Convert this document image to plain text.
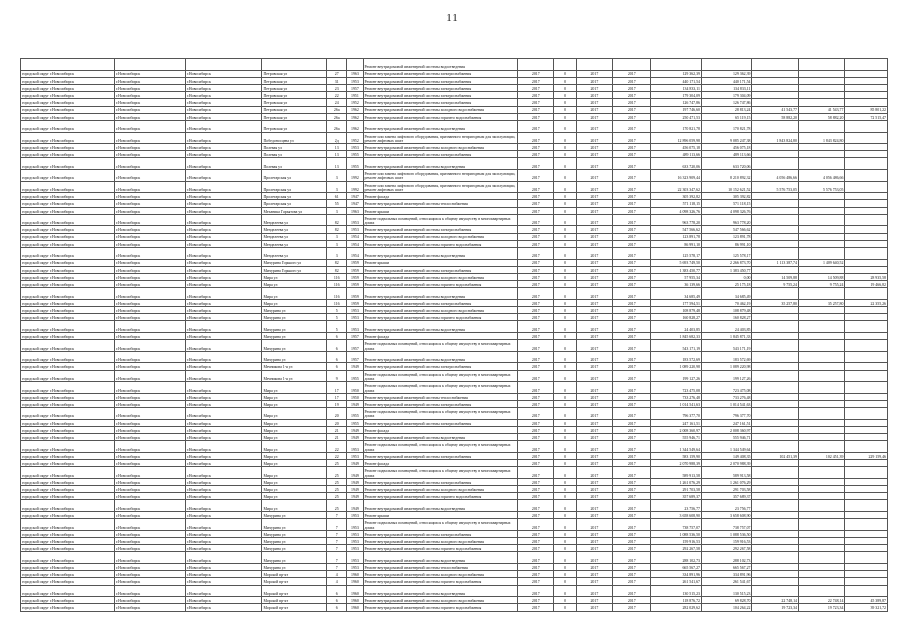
11
						Ремонт внутридомовой инженерной системы водоотведения									
городской округ г.Новосибирск	г.Новосибирск	г.Новосибирск	Петровская ул	27	1963	Ремонт внутридомовой инженерной системы электроснабжения	2017	0	2017	2017	129 362,39	129 362,39			
городской округ г.Новосибирск	г.Новосибирск	г.Новосибирск	Петровская ул	31	1953	Ремонт внутридомовой инженерной системы электроснабжения	2017	0	2017	2017	440 171,54	440 171,54			
городской округ г.Новосибирск	г.Новосибирск	г.Новосибирск	Петровская ул	23	1957	Ремонт внутридомовой инженерной системы электроснабжения	2017	0	2017	2017	134 833,11	134 833,11			
городской округ г.Новосибирск	г.Новосибирск	г.Новосибирск	Петровская ул	22	1951	Ремонт внутридомовой инженерной системы электроснабжения	2017	0	2017	2017	179 304,09	179 304,09			
городской округ г.Новосибирск	г.Новосибирск	г.Новосибирск	Петровская ул	24	1952	Ремонт внутридомовой инженерной системы электроснабжения	2017	0	2017	2017	126 747,86	126 747,86			
городской округ г.Новосибирск	г.Новосибирск	г.Новосибирск	Петровская ул	26а	1962	Ремонт внутридомовой инженерной системы холодного водоснабжения	2017	0	2017	2017	197 746,60	28 813,24	41 543,77	41 543,77	85 801,22
городской округ г.Новосибирск	г.Новосибирск	г.Новосибирск	Петровская ул	26а	1962	Ремонт внутридомовой инженерной системы горячего водоснабжения	2017	0	2017	2017	250 471,53	65 119,15	58 882,20	58 882,20	72 515,47
городской округ г.Новосибирск	г.Новосибирск	г.Новосибирск	Петровская ул	26а	1962	Ремонт внутридомовой инженерной системы водоотведения	2017	0	2017	2017	170 821,78	170 821,78			
городской округ г.Новосибирск	г.Новосибирск	г.Новосибирск	Победоносцева ул	2д	1952	Ремонт или замена лифтового оборудования, признанного непригодным для эксплуатации, ремонт лифтовых шахт	2017	0	2017	2017	12 896 059,98	9 085 247,38	1 843 824,80	1 843 824,80	
городской округ г.Новосибирск	г.Новосибирск	г.Новосибирск	Полевая ул	13	1953	Ремонт внутридомовой инженерной системы холодного водоснабжения	2017	0	2017	2017	456 075,18	456 075,18			
городской округ г.Новосибирск	г.Новосибирск	г.Новосибирск	Полевая ул	13	1955	Ремонт внутридомовой инженерной системы электроснабжения	2017	0	2017	2017	489 113,66	489 113,66			
городской округ г.Новосибирск	г.Новосибирск	г.Новосибирск	Полевая ул	13	1955	Ремонт внутридомовой инженерной системы водоотведения	2017	0	2017	2017	633 720,06	633 720,06			
городской округ г.Новосибирск	г.Новосибирск	г.Новосибирск	Пролетарская ул	3	1992	Ремонт или замена лифтового оборудования, признанного непригодным для эксплуатации, ремонт лифтовых шахт	2017	0	2017	2017	16 323 909,44	8 210 892,32	4 056 486,66	4 056 486,66	
городской округ г.Новосибирск	г.Новосибирск	г.Новосибирск	Пролетарская ул	3	1992	Ремонт или замена лифтового оборудования, признанного непригодным для эксплуатации, ремонт лифтовых шахт	2017	0	2017	2017	22 303 347,62	10 152 621,52	5 576 753,05	5 576 753,05	
городской округ г.Новосибирск	г.Новосибирск	г.Новосибирск	Пролетарская ул	61	1947	Ремонт фасада	2017	0	2017	2017	305 392,82	305 392,82			
городской округ г.Новосибирск	г.Новосибирск	г.Новосибирск	Пролетарская ул	55	1947	Ремонт внутридомовой инженерной системы теплоснабжения	2017	0	2017	2017	571 118,15	571 118,15			
городской округ г.Новосибирск	г.Новосибирск	г.Новосибирск	Механика Гарьятова ул	3	1963	Ремонт крыши	2017	0	2017	2017	4 098 326,76	4 098 326,76			
городской округ г.Новосибирск	г.Новосибирск	г.Новосибирск	Менделеева ул	82	1953	Ремонт подвальных помещений, относящихся к общему имуществу в многоквартирных домах	2017	0	2017	2017	963 778,20	963 778,20			
городской округ г.Новосибирск	г.Новосибирск	г.Новосибирск	Менделеева ул	82	1953	Ремонт внутридомовой инженерной системы электроснабжения	2017	0	2017	2017	547 566,62	547 566,62			
городской округ г.Новосибирск	г.Новосибирск	г.Новосибирск	Менделеева ул	3	1954	Ремонт внутридомовой инженерной системы холодного водоснабжения	2017	0	2017	2017	123 891,78	123 891,78			
городской округ г.Новосибирск	г.Новосибирск	г.Новосибирск	Менделеева ул	3	1954	Ремонт внутридомовой инженерной системы горячего водоснабжения	2017	0	2017	2017	86 991,10	86 991,10			
городской округ г.Новосибирск	г.Новосибирск	г.Новосибирск	Менделеева ул	3	1954	Ремонт внутридомовой инженерной системы водоотведения	2017	0	2017	2017	125 578,17	125 578,17			
городской округ г.Новосибирск	г.Новосибирск	г.Новосибирск	Мичурина Горького ул	82	1959	Ремонт крыши	2017	0	2017	2017	5 693 749,50	2 266 873,70	1 113 387,74	1 409 640,52	
городской округ г.Новосибирск	г.Новосибирск	г.Новосибирск	Мичурина Горького ул	82	1959	Ремонт внутридомовой инженерной системы электроснабжения	2017	0	2017	2017	1 383 450,77	1 383 450,77			
городской округ г.Новосибирск	г.Новосибирск	г.Новосибирск	Мира ул	116	1959	Ремонт внутридомовой инженерной системы холодного водоснабжения	2017	0	2017	2017	57 955,34	0,00	14 509,88	14 509,88	28 935,58
городской округ г.Новосибирск	г.Новосибирск	г.Новосибирск	Мира ул	116	1959	Ремонт внутридомовой инженерной системы горячего водоснабжения	2017	0	2017	2017	36 139,66	25 175,18	9 755,24	9 755,24	19 466,82
городской округ г.Новосибирск	г.Новосибирск	г.Новосибирск	Мира ул	116	1959	Ремонт внутридомовой инженерной системы водоотведения	2017	0	2017	2017	34 685,49	34 685,49			
городской округ г.Новосибирск	г.Новосибирск	г.Новосибирск	Мира ул	116	1959	Ремонт внутридомовой инженерной системы электроснабжения	2017	0	2017	2017	177 594,51	70 462,19	35 257,80	35 257,80	22 355,26
городской округ г.Новосибирск	г.Новосибирск	г.Новосибирск	Мичурина ул	5	1953	Ремонт внутридомовой инженерной системы холодного водоснабжения	2017	0	2017	2017	108 879,48	108 879,48			
городской округ г.Новосибирск	г.Новосибирск	г.Новосибирск	Мичурина ул	5	1953	Ремонт внутридомовой инженерной системы горячего водоснабжения	2017	0	2017	2017	160 828,27	160 828,27			
городской округ г.Новосибирск	г.Новосибирск	г.Новосибирск	Мичурина ул	5	1953	Ремонт внутридомовой инженерной системы водоотведения	2017	0	2017	2017	24 403,85	24 403,85			
городской округ г.Новосибирск	г.Новосибирск	г.Новосибирск	Мичурина ул	6	1957	Ремонт фасада	2017	0	2017	2017	1 845 682,33	1 845 871,33			
городской округ г.Новосибирск	г.Новосибирск	г.Новосибирск	Мичурина ул	6	1957	Ремонт подвальных помещений, относящихся к общему имуществу в многоквартирных домах	2017	0	2017	2017	543 171,19	543 171,19			
городской округ г.Новосибирск	г.Новосибирск	г.Новосибирск	Мичурина ул	6	1957	Ремонт внутридомовой инженерной системы водоотведения	2017	0	2017	2017	183 572,69	183 572,69			
городской округ г.Новосибирск	г.Новосибирск	г.Новосибирск	Мечникова 1-я ул	6	1949	Ремонт внутридомовой инженерной системы электроснабжения	2017	0	2017	2017	1 089 220,98	1 089 220,98			
городской округ г.Новосибирск	г.Новосибирск	г.Новосибирск	Мечникова 1-я ул	9	1955	Ремонт подвальных помещений, относящихся к общему имуществу в многоквартирных домах	2017	0	2017	2017	199 127,26	199 127,26			
городской округ г.Новосибирск	г.Новосибирск	г.Новосибирск	Мира ул	17	1950	Ремонт подвальных помещений, относящихся к общему имуществу в многоквартирных домах	2017	0	2017	2017	723 475,08	723 475,08			
городской округ г.Новосибирск	г.Новосибирск	г.Новосибирск	Мира ул	17	1950	Ремонт внутридомовой инженерной системы теплоснабжения	2017	0	2017	2017	733 276,48	733 276,48			
городской округ г.Новосибирск	г.Новосибирск	г.Новосибирск	Мира ул	19	1949	Ремонт внутридомовой инженерной системы электроснабжения	2017	0	2017	2017	1 014 541,63	1 014 541,63			
городской округ г.Новосибирск	г.Новосибирск	г.Новосибирск	Мира ул	20	1955	Ремонт подвальных помещений, относящихся к общему имуществу в многоквартирных домах	2017	0	2017	2017	796 377,70	796 377,70			
городской округ г.Новосибирск	г.Новосибирск	г.Новосибирск	Мира ул	20	1955	Ремонт внутридомовой инженерной системы электроснабжения	2017	0	2017	2017	247 161,51	247 161,51			
городской округ г.Новосибирск	г.Новосибирск	г.Новосибирск	Мира ул	21	1949	Ремонт фасада	2017	0	2017	2017	2 008 360,97	2 008 360,97			
городской округ г.Новосибирск	г.Новосибирск	г.Новосибирск	Мира ул	21	1949	Ремонт внутридомовой инженерной системы водоотведения	2017	0	2017	2017	555 946,71	555 946,71			
городской округ г.Новосибирск	г.Новосибирск	г.Новосибирск	Мира ул	22	1953	Ремонт подвальных помещений, относящихся к общему имуществу в многоквартирных домах	2017	0	2017	2017	1 344 549,64	1 344 549,64			
городской округ г.Новосибирск	г.Новосибирск	г.Новосибирск	Мира ул	22	1953	Ремонт внутридомовой инженерной системы электроснабжения	2017	0	2017	2017	583 159,90	149 408,35	102 451,39	102 451,39	229 159,46
городской округ г.Новосибирск	г.Новосибирск	г.Новосибирск	Мира ул	25	1949	Ремонт фасада	2017	0	2017	2017	2 070 988,39	2 070 988,39			
городской округ г.Новосибирск	г.Новосибирск	г.Новосибирск	Мира ул	25	1949	Ремонт подвальных помещений, относящихся к общему имуществу в многоквартирных домах	2017	0	2017	2017	589 913,58	589 913,58			
городской округ г.Новосибирск	г.Новосибирск	г.Новосибирск	Мира ул	25	1949	Ремонт внутридомовой инженерной системы электроснабжения	2017	0	2017	2017	1 261 076,29	1 261 076,29			
городской округ г.Новосибирск	г.Новосибирск	г.Новосибирск	Мира ул	25	1949	Ремонт внутридомовой инженерной системы холодного водоснабжения	2017	0	2017	2017	291 703,58	291 703,58			
городской округ г.Новосибирск	г.Новосибирск	г.Новосибирск	Мира ул	25	1949	Ремонт внутридомовой инженерной системы горячего водоснабжения	2017	0	2017	2017	357 689,37	357 689,37			
городской округ г.Новосибирск	г.Новосибирск	г.Новосибирск	Мира ул	25	1949	Ремонт внутридомовой инженерной системы водоотведения	2017	0	2017	2017	23 756,77	23 756,77			
городской округ г.Новосибирск	г.Новосибирск	г.Новосибирск	Мичурина ул	7	1953	Ремонт крыши	2017	0	2017	2017	3 658 608,90	3 658 608,90			
городской округ г.Новосибирск	г.Новосибирск	г.Новосибирск	Мичурина ул	7	1953	Ремонт подвальных помещений, относящихся к общему имуществу в многоквартирных домах	2017	0	2017	2017	738 757,07	738 757,07			
городской округ г.Новосибирск	г.Новосибирск	г.Новосибирск	Мичурина ул	7	1953	Ремонт внутридомовой инженерной системы электроснабжения	2017	0	2017	2017	1 088 536,50	1 088 536,50			
городской округ г.Новосибирск	г.Новосибирск	г.Новосибирск	Мичурина ул	7	1953	Ремонт внутридомовой инженерной системы холодного водоснабжения	2017	0	2017	2017	159 916,53	159 916,53			
городской округ г.Новосибирск	г.Новосибирск	г.Новосибирск	Мичурина ул	7	1953	Ремонт внутридомовой инженерной системы горячего водоснабжения	2017	0	2017	2017	292 267,58	292 267,58			
городской округ г.Новосибирск	г.Новосибирск	г.Новосибирск	Мичурина ул	7	1953	Ремонт внутридомовой инженерной системы водоотведения	2017	0	2017	2017	288 102,73	288 102,73			
городской округ г.Новосибирск	г.Новосибирск	г.Новосибирск	Мичурина ул	7	1953	Ремонт внутридомовой инженерной системы теплоснабжения	2017	0	2017	2017	665 567,27	665 567,27			
городской округ г.Новосибирск	г.Новосибирск	г.Новосибирск	Морской пр-кт	4	1960	Ремонт внутридомовой инженерной системы холодного водоснабжения	2017	0	2017	2017	334 891,96	334 891,96			
городской округ г.Новосибирск	г.Новосибирск	г.Новосибирск	Морской пр-кт	4	1960	Ремонт внутридомовой инженерной системы горячего водоснабжения	2017	0	2017	2017	261 541,67	261 541,67			
городской округ г.Новосибирск	г.Новосибирск	г.Новосибирск	Морской пр-кт	6	1960	Ремонт внутридомовой инженерной системы водоотведения	2017	0	2017	2017	130 515,23	130 515,23			
городской округ г.Новосибирск	г.Новосибирск	г.Новосибирск	Морской пр-кт	6	1960	Ремонт внутридомовой инженерной системы холодного водоснабжения	2017	0	2017	2017	118 876,72	69 828,70	22 748,14	22 748,14	45 389,87
городской округ г.Новосибирск	г.Новосибирск	г.Новосибирск	Морской пр-кт	6	1960	Ремонт внутридомовой инженерной системы горячего водоснабжения	2017	0	2017	2017	282 029,62	104 264,22	19 723,34	19 723,34	39 321,72
